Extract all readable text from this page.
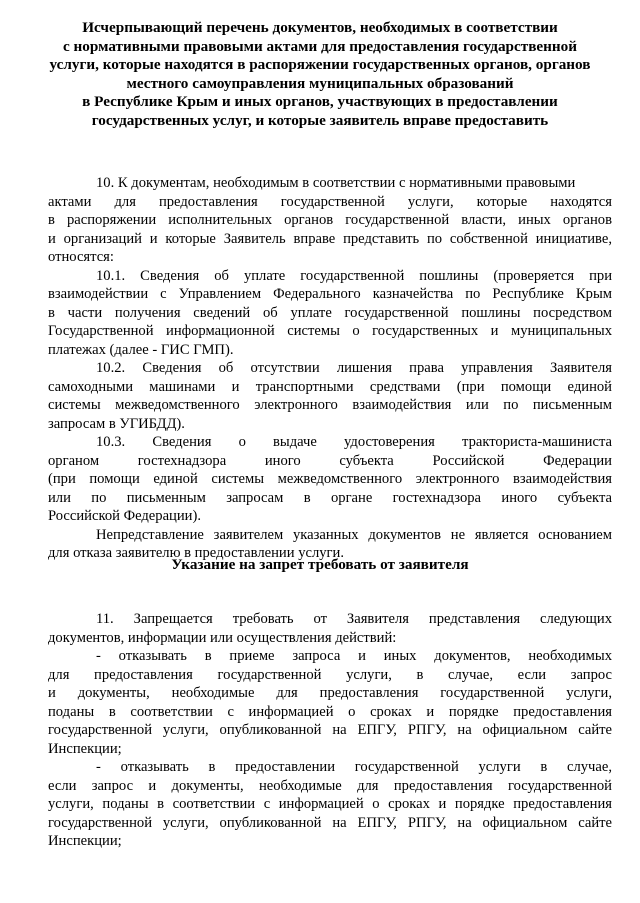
Исчерпывающий перечень документов, необходимых в соответствии
с нормативными правовыми актами для предоставления государственной
услуги, которые находятся в распоряжении государственных органов, органов
местного самоуправления муниципальных образований
в Республике Крым и иных органов, участвующих в предоставлении
государственных услуг, и которые заявитель вправе предоставить
10. К документам, необходимым в соответствии с нормативными правовыми
актами для предоставления государственной услуги, которые находятся
в распоряжении исполнительных органов государственной власти, иных органов
и организаций и которые Заявитель вправе представить по собственной инициативе,
относятся:
10.1. Сведения об уплате государственной пошлины (проверяется при
взаимодействии с Управлением Федерального казначейства по Республике Крым
в части получения сведений об уплате государственной пошлины посредством
Государственной информационной системы о государственных и муниципальных
платежах (далее - ГИС ГМП).
10.2. Сведения об отсутствии лишения права управления Заявителя
самоходными машинами и транспортными средствами (при помощи единой
системы межведомственного электронного взаимодействия или по письменным
запросам в УГИБДД).
10.3. Сведения о выдаче удостоверения тракториста-машиниста
органом гостехнадзора иного субъекта Российской Федерации
(при помощи единой системы межведомственного электронного взаимодействия
или по письменным запросам в органе гостехнадзора иного субъекта
Российской Федерации).
Непредставление заявителем указанных документов не является основанием
для отказа заявителю в предоставлении услуги.
Указание на запрет требовать от заявителя
11. Запрещается требовать от Заявителя представления следующих
документов, информации или осуществления действий:
- отказывать в приеме запроса и иных документов, необходимых
для предоставления государственной услуги, в случае, если запрос
и документы, необходимые для предоставления государственной услуги,
поданы в соответствии с информацией о сроках и порядке предоставления
государственной услуги, опубликованной на ЕПГУ, РПГУ, на официальном сайте
Инспекции;
- отказывать в предоставлении государственной услуги в случае,
если запрос и документы, необходимые для предоставления государственной
услуги, поданы в соответствии с информацией о сроках и порядке предоставления
государственной услуги, опубликованной на ЕПГУ, РПГУ, на официальном сайте
Инспекции;
